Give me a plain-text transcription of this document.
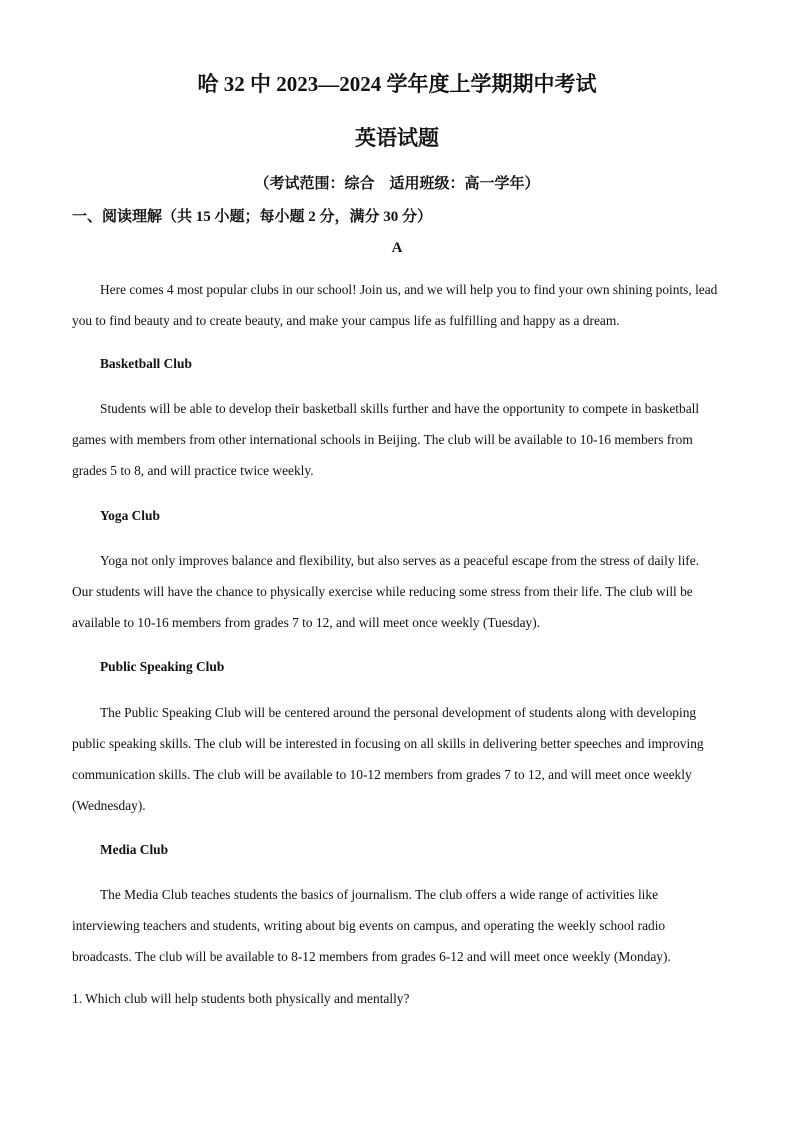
哈 32 中 2023—2024 学年度上学期期中考试
英语试题

（考试范围：综合　适用班级：高一学年）

一、阅读理解（共 15 小题；每小题 2 分，满分 30 分）

A

Here comes 4 most popular clubs in our school! Join us, and we will help you to find your own shining points, lead you to find beauty and to create beauty, and make your campus life as fulfilling and happy as a dream.

Basketball Club

Students will be able to develop their basketball skills further and have the opportunity to compete in basketball games with members from other international schools in Beijing. The club will be available to 10-16 members from grades 5 to 8, and will practice twice weekly.

Yoga Club

Yoga not only improves balance and flexibility, but also serves as a peaceful escape from the stress of daily life. Our students will have the chance to physically exercise while reducing some stress from their life. The club will be available to 10-16 members from grades 7 to 12, and will meet once weekly (Tuesday).

Public Speaking Club

The Public Speaking Club will be centered around the personal development of students along with developing public speaking skills. The club will be interested in focusing on all skills in delivering better speeches and improving communication skills. The club will be available to 10-12 members from grades 7 to 12, and will meet once weekly (Wednesday).

Media Club

The Media Club teaches students the basics of journalism. The club offers a wide range of activities like interviewing teachers and students, writing about big events on campus, and operating the weekly school radio broadcasts. The club will be available to 8-12 members from grades 6-12 and will meet once weekly (Monday).

1. Which club will help students both physically and mentally?
